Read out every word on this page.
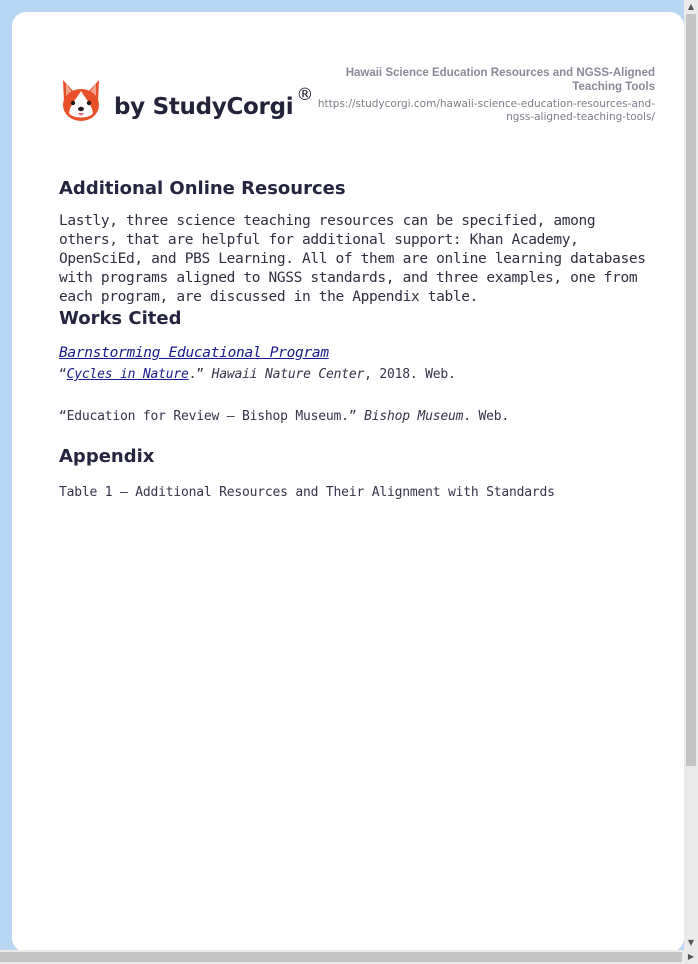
by StudyCorgi ®
Hawaii Science Education Resources and NGSS-Aligned Teaching Tools
https://studycorgi.com/hawaii-science-education-resources-and-ngss-aligned-teaching-tools/
Additional Online Resources

Lastly, three science teaching resources can be specified, among others, that are helpful for additional support: Khan Academy, OpenSciEd, and PBS Learning. All of them are online learning databases with programs aligned to NGSS standards, and three examples, one from each program, are discussed in the Appendix table.

Works Cited
Barnstorming Educational Program
“Cycles in Nature.” Hawaii Nature Center, 2018. Web.
“Education for Review – Bishop Museum.” Bishop Museum. Web.
Appendix
Table 1 – Additional Resources and Their Alignment with Standards
▲
▼
▶
